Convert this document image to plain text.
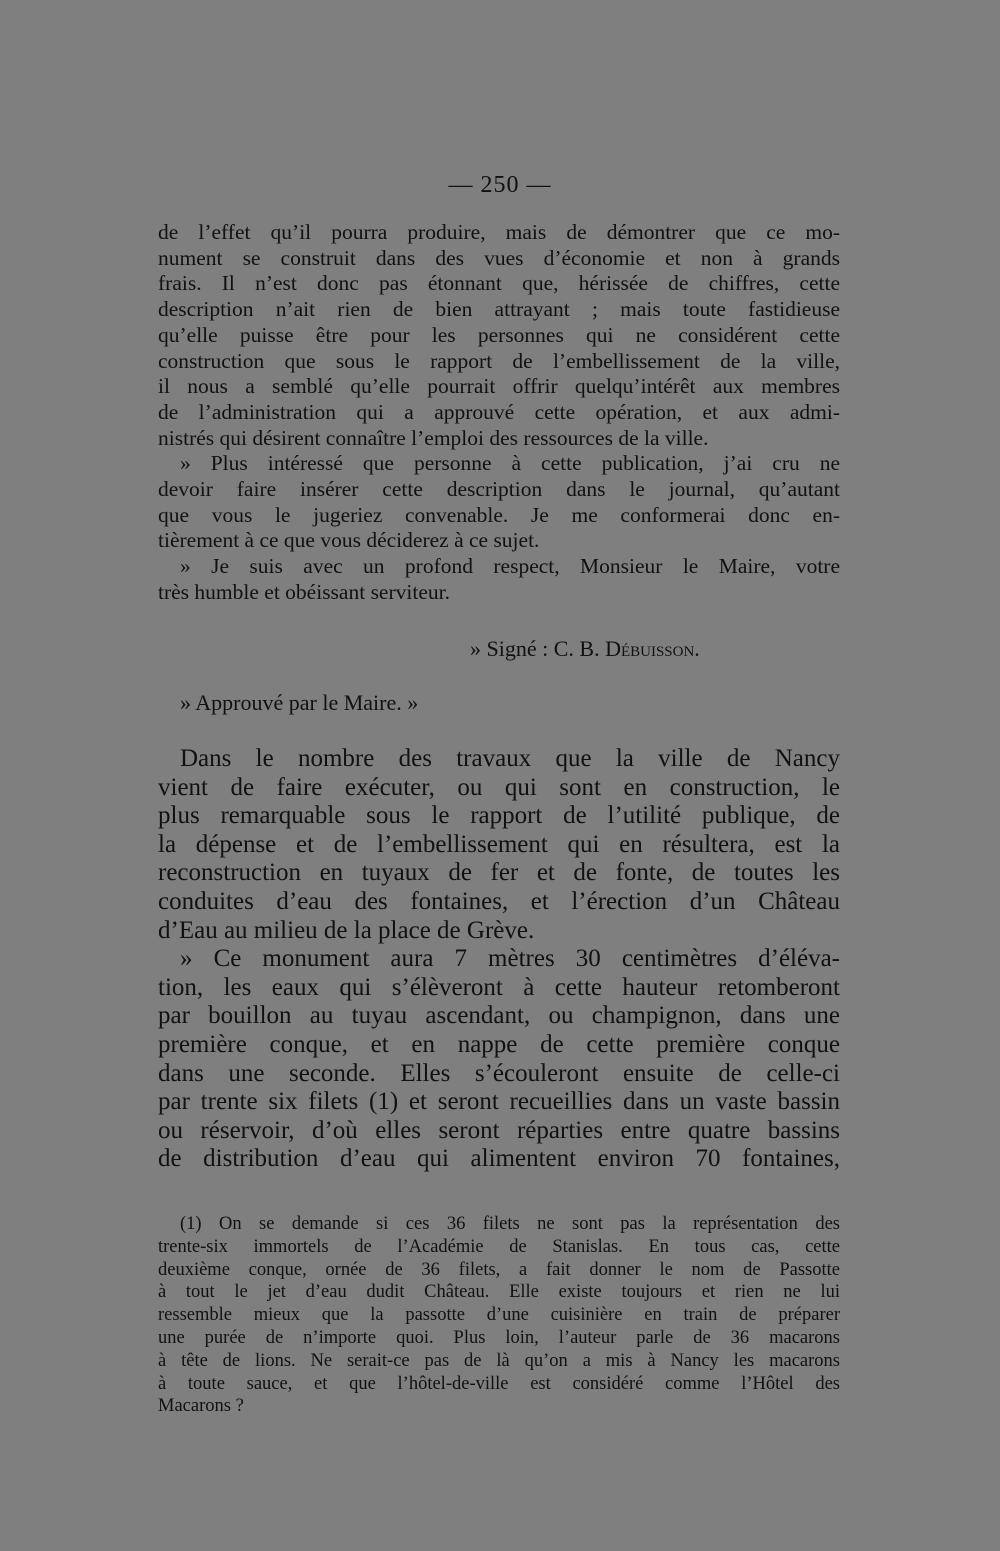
— 250 —
de l’effet qu’il pourra produire, mais de démontrer que ce mo-
nument se construit dans des vues d’économie et non à grands
frais. Il n’est donc pas étonnant que, hérissée de chiffres, cette
description n’ait rien de bien attrayant ; mais toute fastidieuse
qu’elle puisse être pour les personnes qui ne considérent cette
construction que sous le rapport de l’embellissement de la ville,
il nous a semblé qu’elle pourrait offrir quelqu’intérêt aux membres
de l’administration qui a approuvé cette opération, et aux admi-
nistrés qui désirent connaître l’emploi des ressources de la ville.
» Plus intéressé que personne à cette publication, j’ai cru ne
devoir faire insérer cette description dans le journal, qu’autant
que vous le jugeriez convenable. Je me conformerai donc en-
tièrement à ce que vous déciderez à ce sujet.
» Je suis avec un profond respect, Monsieur le Maire, votre
très humble et obéissant serviteur.
» Signé : C. B. Débuisson.
» Approuvé par le Maire. »
Dans le nombre des travaux que la ville de Nancy
vient de faire exécuter, ou qui sont en construction, le
plus remarquable sous le rapport de l’utilité publique, de
la dépense et de l’embellissement qui en résultera, est la
reconstruction en tuyaux de fer et de fonte, de toutes les
conduites d’eau des fontaines, et l’érection d’un Château
d’Eau au milieu de la place de Grève.
» Ce monument aura 7 mètres 30 centimètres d’éléva-
tion, les eaux qui s’élèveront à cette hauteur retomberont
par bouillon au tuyau ascendant, ou champignon, dans une
première conque, et en nappe de cette première conque
dans une seconde. Elles s’écouleront ensuite de celle-ci
par trente six filets (1) et seront recueillies dans un vaste bassin
ou réservoir, d’où elles seront réparties entre quatre bassins
de distribution d’eau qui alimentent environ 70 fontaines,
(1) On se demande si ces 36 filets ne sont pas la représentation des
trente-six immortels de l’Académie de Stanislas. En tous cas, cette
deuxième conque, ornée de 36 filets, a fait donner le nom de Passotte
à tout le jet d’eau dudit Château. Elle existe toujours et rien ne lui
ressemble mieux que la passotte d’une cuisinière en train de préparer
une purée de n’importe quoi. Plus loin, l’auteur parle de 36 macarons
à tête de lions. Ne serait-ce pas de là qu’on a mis à Nancy les macarons
à toute sauce, et que l’hôtel-de-ville est considéré comme l’Hôtel des
Macarons ?
